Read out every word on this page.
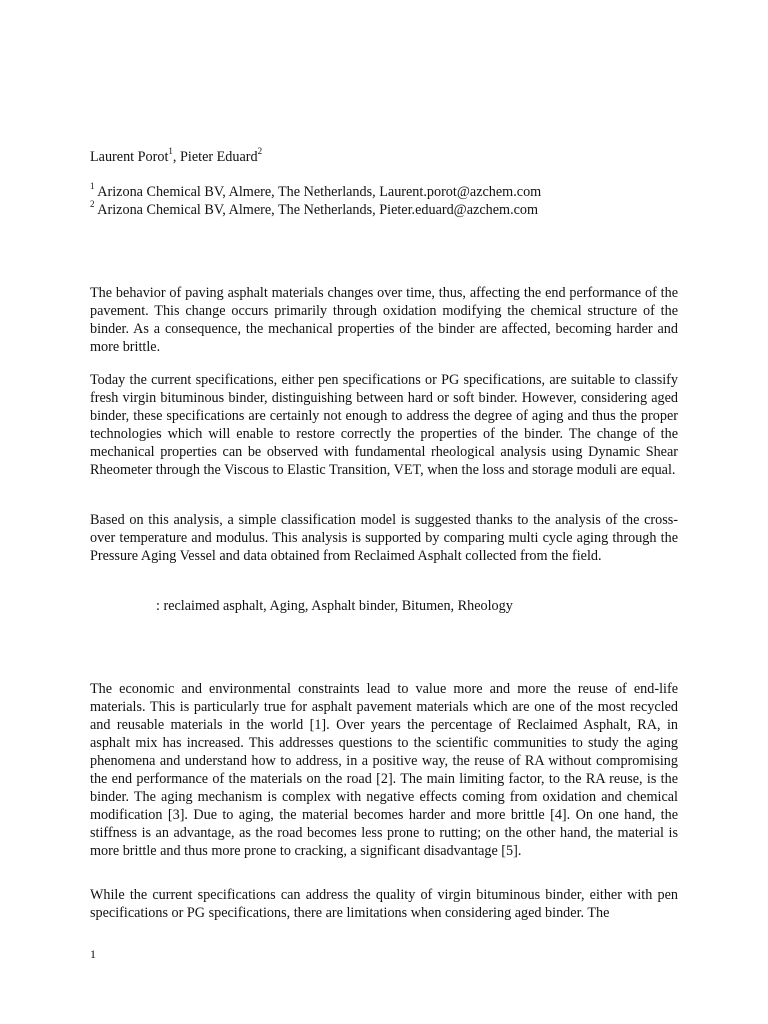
Laurent Porot$^1$, Pieter Eduard$^2$
$^1$ Arizona Chemical BV, Almere, The Netherlands, Laurent.porot@azchem.com
$^2$ Arizona Chemical BV, Almere, The Netherlands, Pieter.eduard@azchem.com

The behavior of paving asphalt materials changes over time, thus, affecting the end performance of the pavement. This change occurs primarily through oxidation modifying the chemical structure of the binder. As a consequence, the mechanical properties of the binder are affected, becoming harder and more brittle.

Today the current specifications, either pen specifications or PG specifications, are suitable to classify fresh virgin bituminous binder, distinguishing between hard or soft binder. However, considering aged binder, these specifications are certainly not enough to address the degree of aging and thus the proper technologies which will enable to restore correctly the properties of the binder. The change of the mechanical properties can be observed with fundamental rheological analysis using Dynamic Shear Rheometer through the Viscous to Elastic Transition, VET, when the loss and storage moduli are equal.

Based on this analysis, a simple classification model is suggested thanks to the analysis of the cross-over temperature and modulus. This analysis is supported by comparing multi cycle aging through the Pressure Aging Vessel and data obtained from Reclaimed Asphalt collected from the field.

: reclaimed asphalt, Aging, Asphalt binder, Bitumen, Rheology

The economic and environmental constraints lead to value more and more the reuse of end-life materials. This is particularly true for asphalt pavement materials which are one of the most recycled and reusable materials in the world [1]. Over years the percentage of Reclaimed Asphalt, RA, in asphalt mix has increased. This addresses questions to the scientific communities to study the aging phenomena and understand how to address, in a positive way, the reuse of RA without compromising the end performance of the materials on the road [2]. The main limiting factor, to the RA reuse, is the binder. The aging mechanism is complex with negative effects coming from oxidation and chemical modification [3]. Due to aging, the material becomes harder and more brittle [4]. On one hand, the stiffness is an advantage, as the road becomes less prone to rutting; on the other hand, the material is more brittle and thus more prone to cracking, a significant disadvantage [5].

While the current specifications can address the quality of virgin bituminous binder, either with pen specifications or PG specifications, there are limitations when considering aged binder. The

1
